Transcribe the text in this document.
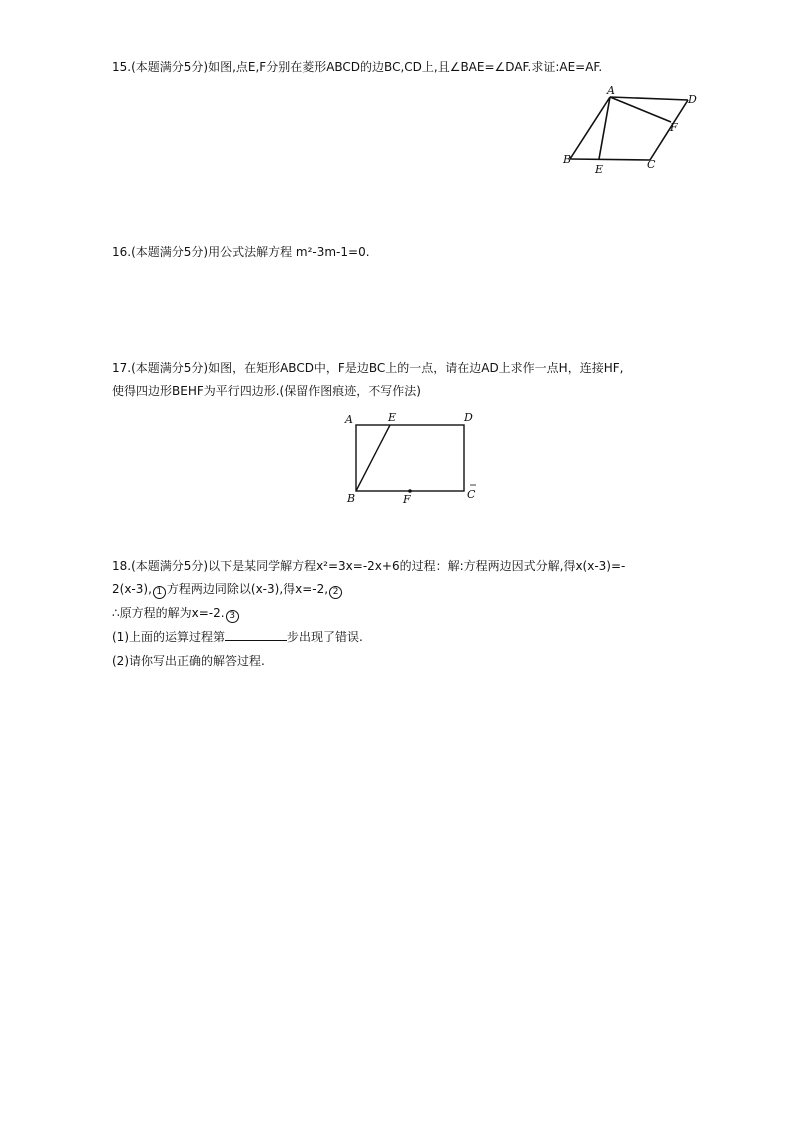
15.(本题满分5分)如图,点E,F分别在菱形ABCD的边BC,CD上,且∠BAE=∠DAF.求证:AE=AF.
A
D
F
B
E	C
16.(本题满分5分)用公式法解方程 m²-3m-1=0.
17.(本题满分5分)如图，在矩形ABCD中，F是边BC上的一点，请在边AD上求作一点H，连接HF,
使得四边形BEHF为平行四边形.(保留作图痕迹，不写作法)
A	E	D
B	F	C
18.(本题满分5分)以下是某同学解方程x²=3x=-2x+6的过程：解:方程两边因式分解,得x(x-3)=-
2(x-3), 1 方程两边同除以(x-3),得x=-2, 2
∴原方程的解为x=-2. 3
(1)上面的运算过程第	步出现了错误.
(2)请你写出正确的解答过程.
